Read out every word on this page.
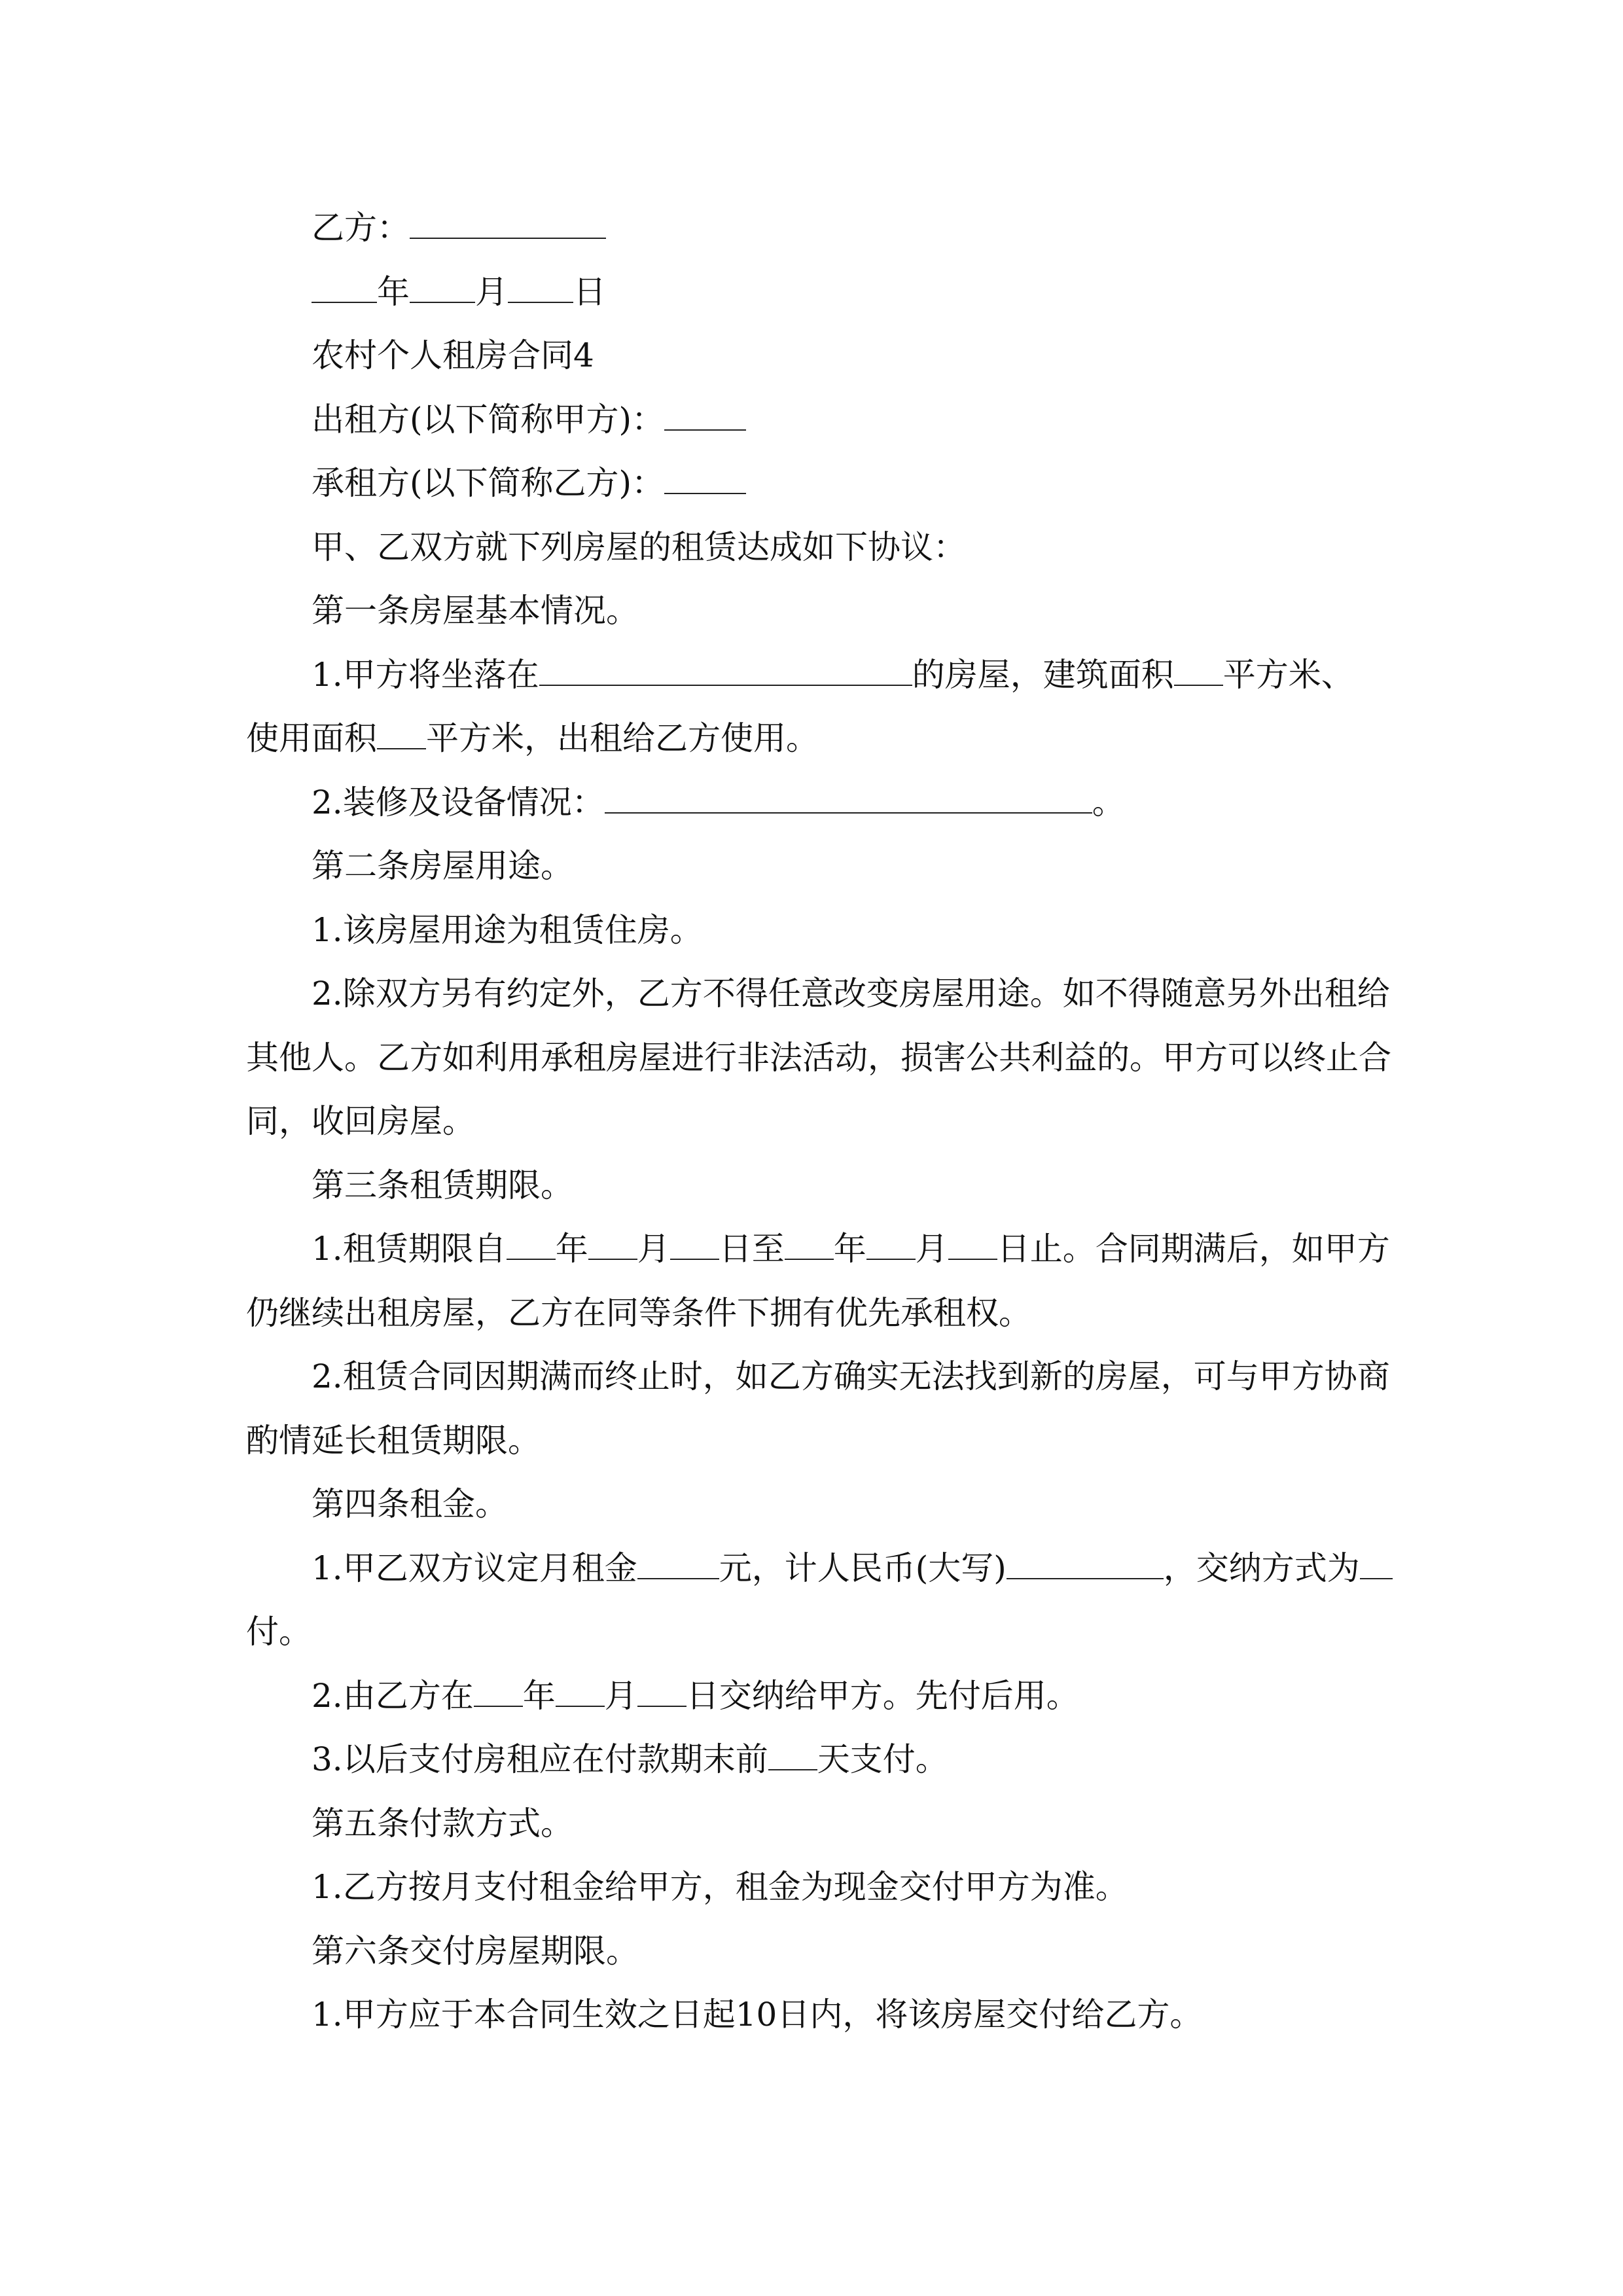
乙方：
年 月 日
农村个人租房合同4
出租方(以下简称甲方)：
承租方(以下简称乙方)：
甲、乙双方就下列房屋的租赁达成如下协议：
第一条房屋基本情况。
1.甲方将坐落在	的房屋，建筑面积 平方米、
使用面积 平方米，出租给乙方使用。
2.装修及设备情况：	。
第二条房屋用途。
1.该房屋用途为租赁住房。
2.除双方另有约定外，乙方不得任意改变房屋用途。如不得随意另外出租给
其他人。乙方如利用承租房屋进行非法活动，损害公共利益的。甲方可以终止合
同，收回房屋。
第三条租赁期限。
1.租赁期限自 年 月 日至 年 月 日止。合同期满后，如甲方
仍继续出租房屋，乙方在同等条件下拥有优先承租权。
2.租赁合同因期满而终止时，如乙方确实无法找到新的房屋，可与甲方协商
酌情延长租赁期限。
第四条租金。
1.甲乙双方议定月租金	元，计人民币(大写)	，交纳方式为
付。
2.由乙方在 年 月 日交纳给甲方。先付后用。
3.以后支付房租应在付款期末前 天支付。
第五条付款方式。
1.乙方按月支付租金给甲方，租金为现金交付甲方为准。
第六条交付房屋期限。
1.甲方应于本合同生效之日起10日内，将该房屋交付给乙方。
